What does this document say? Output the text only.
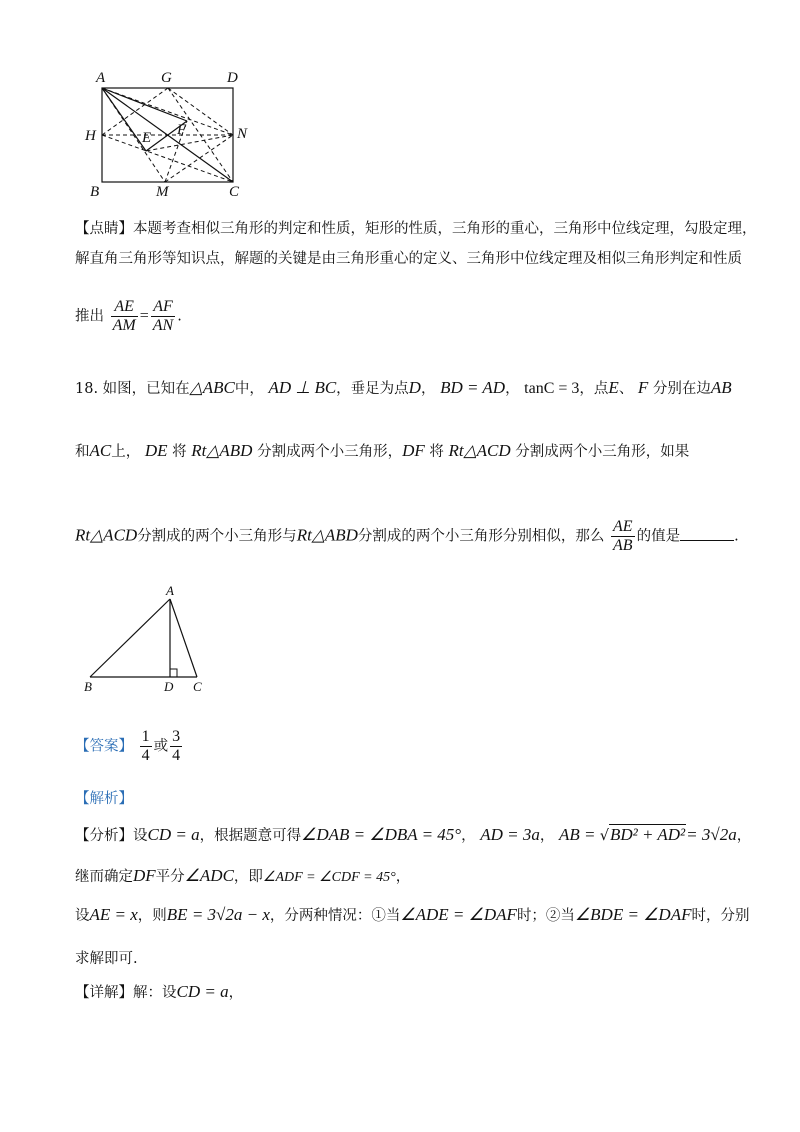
A	G	D
H	E F	N
B	M	C
【点睛】本题考查相似三角形的判定和性质，矩形的性质，三角形的重心，三角形中位线定理，勾股定理，
解直角三角形等知识点，解题的关键是由三角形重心的定义、三角形中位线定理及相似三角形判定和性质
推出 $\frac{AE}{AM} = \frac{AF}{AN}$ .
18. 如图，已知在△ABC中， AD ⊥ BC，垂足为点D， BD = AD， tanC = 3，点E、 F 分别在边AB
和AC上， DE 将 Rt△ABD 分割成两个小三角形，DF 将 Rt△ACD 分割成两个小三角形，如果
Rt△ACD分割成的两个小三角形与Rt△ABD分割成的两个小三角形分别相似，那么 $\frac{AE}{AB}$ 的值是	.
A
B	D C
【答案】 $\frac{1}{4}$ 或 $\frac{3}{4}$
【解析】
【分析】设CD = a，根据题意可得∠DAB = ∠DBA = 45°， AD = 3a， AB = √BD² + AD²= 3√2a，
继而确定DF平分∠ADC，即∠ADF = ∠CDF = 45°，
设AE = x，则BE = 3√2a − x，分两种情况：①当∠ADE = ∠DAF时；②当∠BDE = ∠DAF时，分别
求解即可.
【详解】解：设CD = a，
